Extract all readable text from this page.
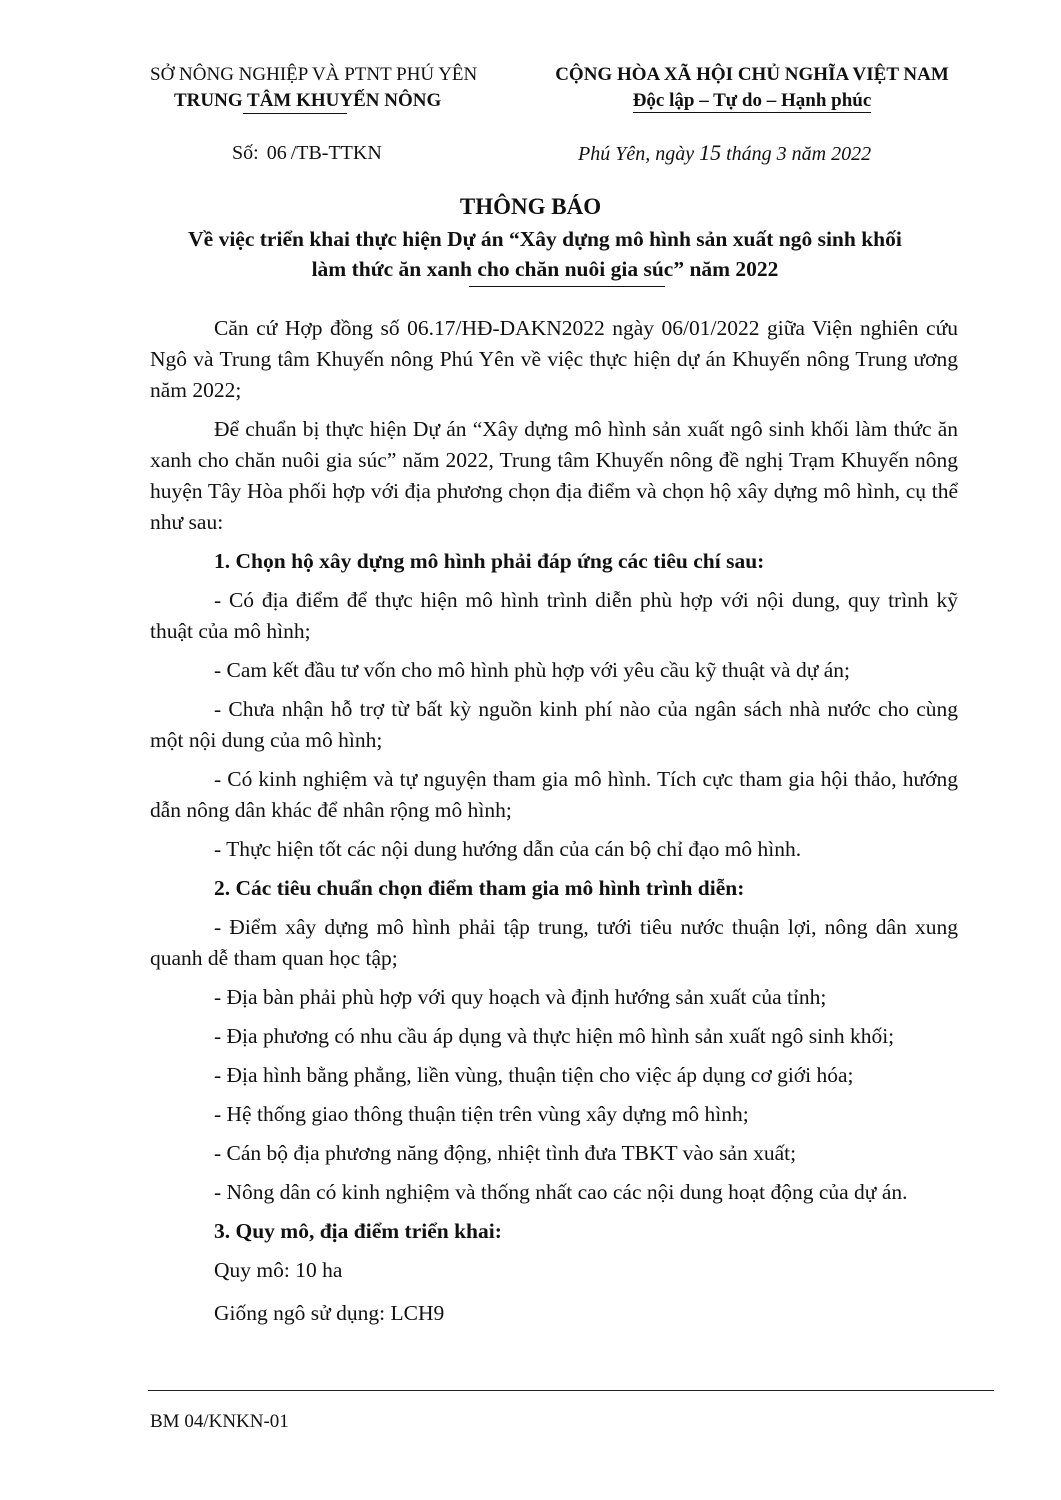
SỞ NÔNG NGHIỆP VÀ PTNT PHÚ YÊN
TRUNG TÂM KHUYẾN NÔNG
CỘNG HÒA XÃ HỘI CHỦ NGHĨA VIỆT NAM
Độc lập – Tự do – Hạnh phúc
Số: 06 /TB-TTKN	Phú Yên, ngày 15 tháng 3 năm 2022
THÔNG BÁO
Về việc triển khai thực hiện Dự án “Xây dựng mô hình sản xuất ngô sinh khối
làm thức ăn xanh cho chăn nuôi gia súc” năm 2022

Căn cứ Hợp đồng số 06.17/HĐ-DAKN2022 ngày 06/01/2022 giữa Viện nghiên cứu Ngô và Trung tâm Khuyến nông Phú Yên về việc thực hiện dự án Khuyến nông Trung ương năm 2022;

Để chuẩn bị thực hiện Dự án “Xây dựng mô hình sản xuất ngô sinh khối làm thức ăn xanh cho chăn nuôi gia súc” năm 2022, Trung tâm Khuyến nông đề nghị Trạm Khuyến nông huyện Tây Hòa phối hợp với địa phương chọn địa điểm và chọn hộ xây dựng mô hình, cụ thể như sau:

1. Chọn hộ xây dựng mô hình phải đáp ứng các tiêu chí sau:

- Có địa điểm để thực hiện mô hình trình diễn phù hợp với nội dung, quy trình kỹ thuật của mô hình;

- Cam kết đầu tư vốn cho mô hình phù hợp với yêu cầu kỹ thuật và dự án;

- Chưa nhận hỗ trợ từ bất kỳ nguồn kinh phí nào của ngân sách nhà nước cho cùng một nội dung của mô hình;

- Có kinh nghiệm và tự nguyện tham gia mô hình. Tích cực tham gia hội thảo, hướng dẫn nông dân khác để nhân rộng mô hình;

- Thực hiện tốt các nội dung hướng dẫn của cán bộ chỉ đạo mô hình.

2. Các tiêu chuẩn chọn điểm tham gia mô hình trình diễn:

- Điểm xây dựng mô hình phải tập trung, tưới tiêu nước thuận lợi, nông dân xung quanh dễ tham quan học tập;

- Địa bàn phải phù hợp với quy hoạch và định hướng sản xuất của tỉnh;

- Địa phương có nhu cầu áp dụng và thực hiện mô hình sản xuất ngô sinh khối;

- Địa hình bằng phẳng, liền vùng, thuận tiện cho việc áp dụng cơ giới hóa;

- Hệ thống giao thông thuận tiện trên vùng xây dựng mô hình;

- Cán bộ địa phương năng động, nhiệt tình đưa TBKT vào sản xuất;

- Nông dân có kinh nghiệm và thống nhất cao các nội dung hoạt động của dự án.

3. Quy mô, địa điểm triển khai:

Quy mô: 10 ha

Giống ngô sử dụng: LCH9

BM 04/KNKN-01
